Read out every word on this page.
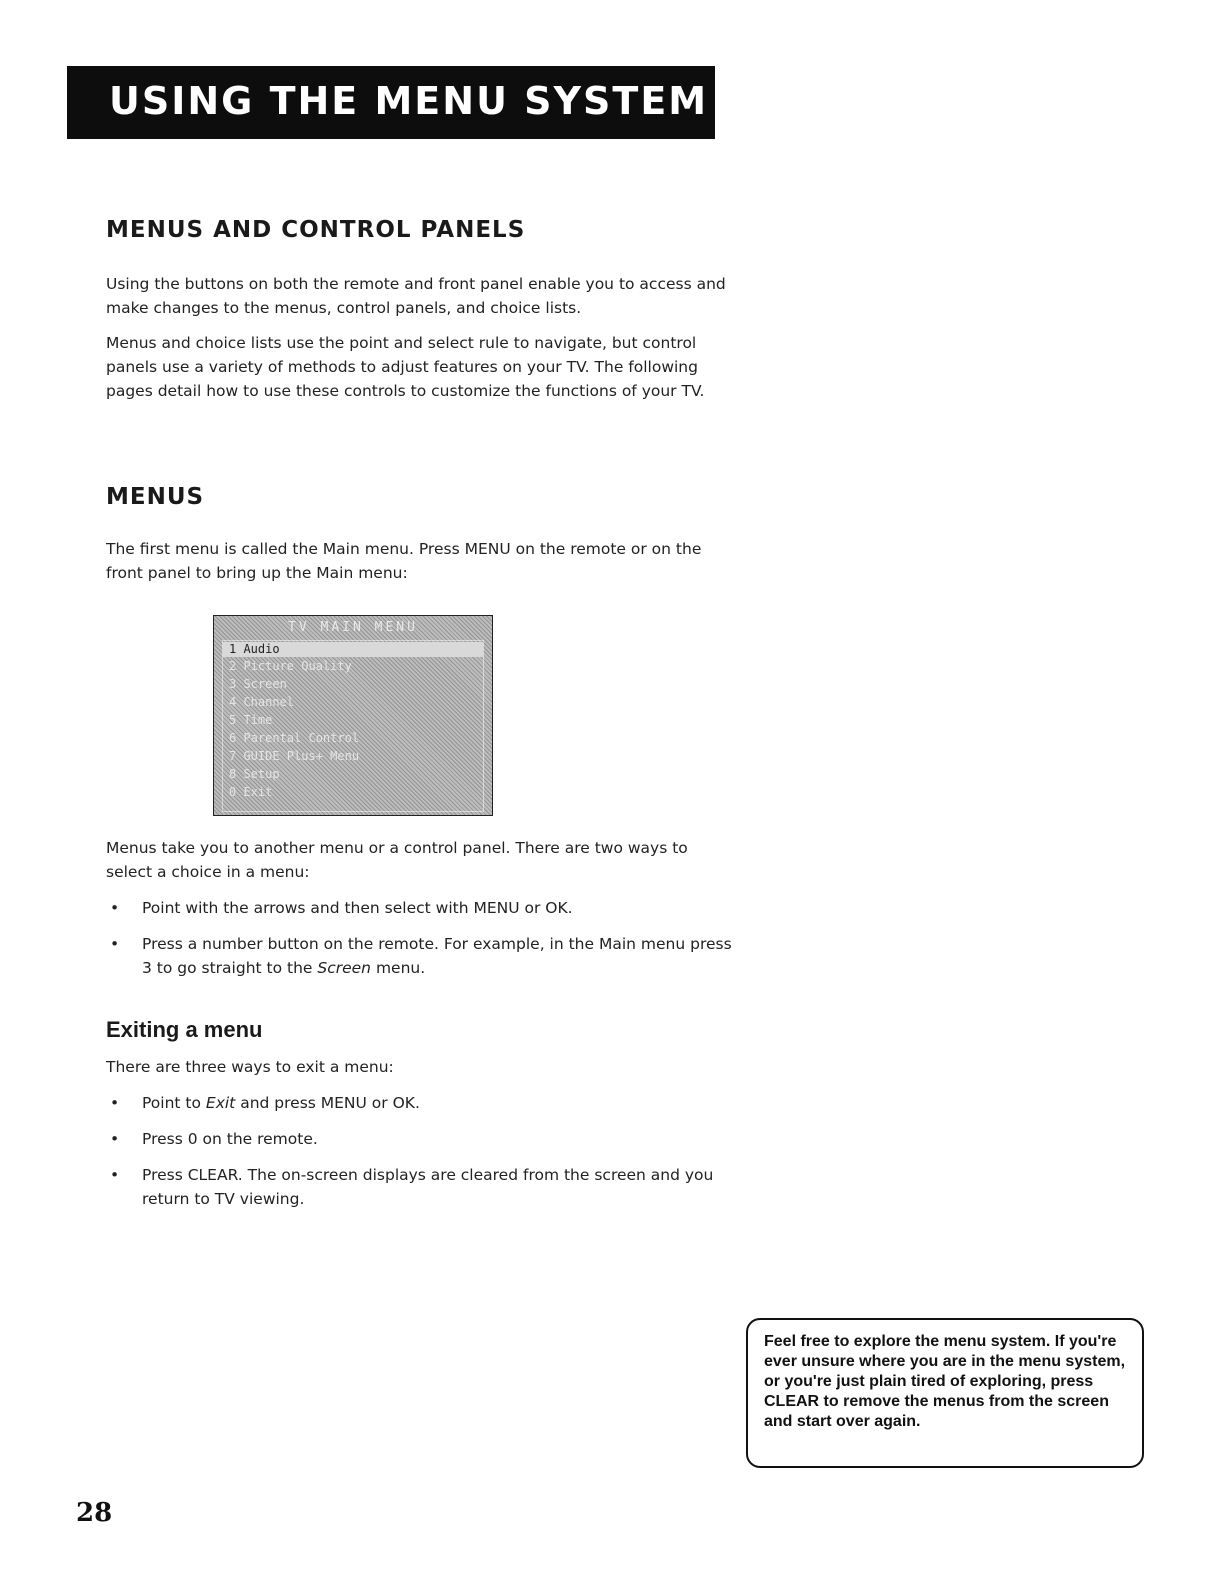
USING THE MENU SYSTEM
MENUS AND CONTROL PANELS
Using the buttons on both the remote and front panel enable you to access and make changes to the menus, control panels, and choice lists.
Menus and choice lists use the point and select rule to navigate, but control panels use a variety of methods to adjust features on your TV. The following pages detail how to use these controls to customize the functions of your TV.
MENUS
The first menu is called the Main menu. Press MENU on the remote or on the front panel to bring up the Main menu:
TV MAIN MENU
1 Audio
2 Picture Quality
3 Screen
4 Channel
5 Time
6 Parental Control
7 GUIDE Plus+ Menu
8 Setup
0 Exit
Menus take you to another menu or a control panel. There are two ways to select a choice in a menu:
• Point with the arrows and then select with MENU or OK.
• Press a number button on the remote. For example, in the Main menu press 3 to go straight to the Screen menu.
Exiting a menu
There are three ways to exit a menu:
• Point to Exit and press MENU or OK.
• Press 0 on the remote.
• Press CLEAR. The on-screen displays are cleared from the screen and you return to TV viewing.
Feel free to explore the menu system. If you're ever unsure where you are in the menu system, or you're just plain tired of exploring, press CLEAR to remove the menus from the screen and start over again.
28
